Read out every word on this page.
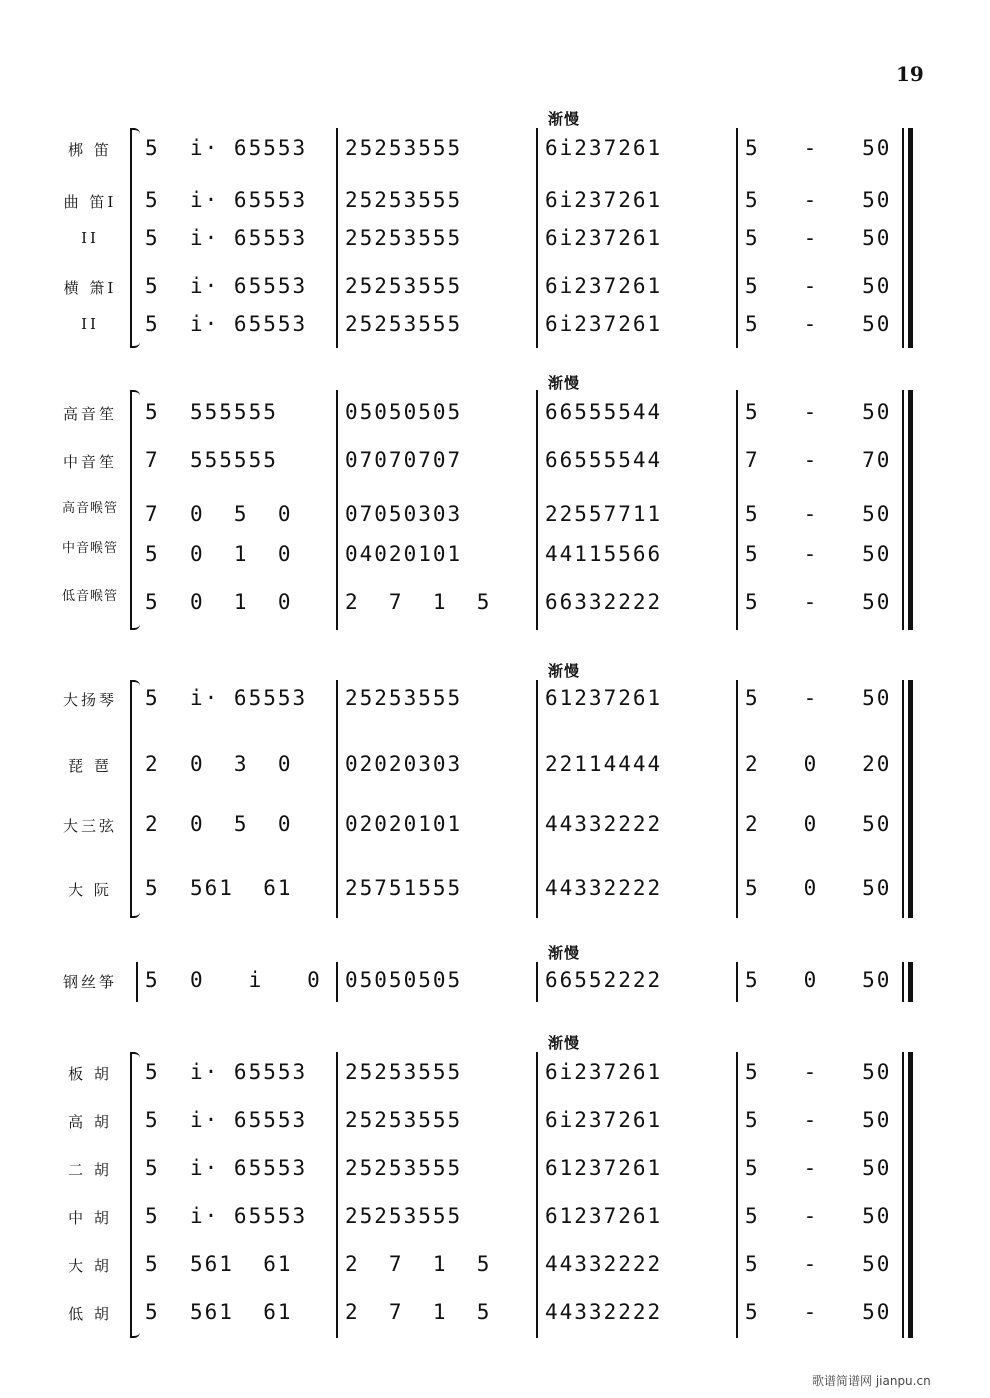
19
渐慢
梆 笛	5	i· 65553	25253555	6i237261	5   -   50
曲 笛I 5	i· 65553	25253555	6i237261	5   -   50
II	5	i· 65553	25253555	6i237261	5   -   50
横 箫I 5	i· 65553	25253555	6i237261	5   -   50
II	5	i· 65553	25253555	6i237261	5   -   50
渐慢
高音笙 5	555555	05050505	66555544	5   -   50
中音笙 7	555555	07070707	66555544	7   -   70
高音喉管 7	0  5  0	07050303	22557711	5   -   50
中音喉管 5	0  1  0	04020101	44115566	5   -   50
低音喉管 5	0  1  0	2  7  1  5	66332222	5   -   50
渐慢
大扬琴 5	i· 65553	25253555	61237261	5   -   50
琵 琶	2	0  3  0	02020303	22114444	2   0   20
大三弦 2	0  5  0	02020101	44332222	2   0   50
大 阮	5	561  61	25751555	44332222	5   0   50
渐慢
钢丝筝 5	0   i   0	05050505	66552222	5   0   50
渐慢
板 胡	5	i· 65553	25253555	6i237261	5   -   50
高 胡	5	i· 65553	25253555	6i237261	5   -   50
二 胡	5	i· 65553	25253555	61237261	5   -   50
中 胡	5	i· 65553	25253555	61237261	5   -   50
大 胡	5	561  61	2  7  1  5	44332222	5   -   50
低 胡	5	561  61	2  7  1  5	44332222	5   -   50
歌谱简谱网 jianpu.cn
